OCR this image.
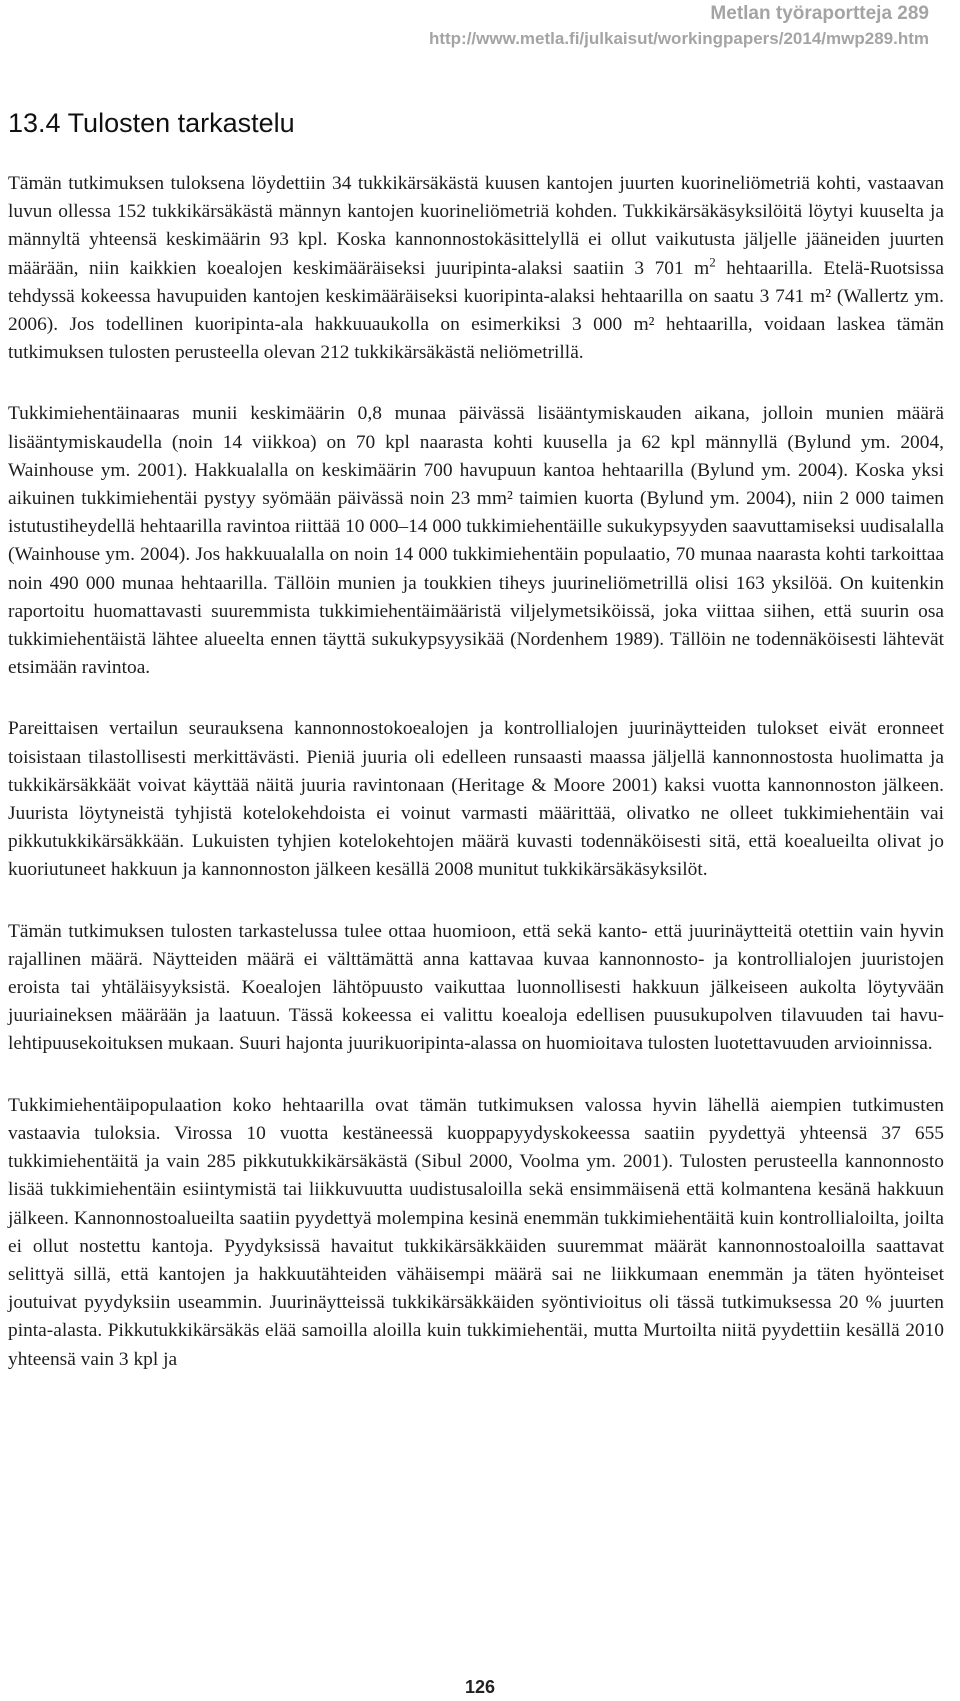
Metlan työraportteja 289
http://www.metla.fi/julkaisut/workingpapers/2014/mwp289.htm
13.4 Tulosten tarkastelu

Tämän tutkimuksen tuloksena löydettiin 34 tukkikärsäkästä kuusen kantojen juurten kuorineliömetriä kohti, vastaavan luvun ollessa 152 tukkikärsäkästä männyn kantojen kuorineliömetriä kohden. Tukkikärsäkäsyksilöitä löytyi kuuselta ja männyltä yhteensä keskimäärin 93 kpl. Koska kannonnostokäsittelyllä ei ollut vaikutusta jäljelle jääneiden juurten määrään, niin kaikkien koealojen keskimääräiseksi juuripinta-alaksi saatiin 3 701 $m^2$ hehtaarilla. Etelä-Ruotsissa tehdyssä kokeessa havupuiden kantojen keskimääräiseksi kuoripinta-alaksi hehtaarilla on saatu 3 741 m² (Wallertz ym. 2006). Jos todellinen kuoripinta-ala hakkuuaukolla on esimerkiksi 3 000 m² hehtaarilla, voidaan laskea tämän tutkimuksen tulosten perusteella olevan 212 tukkikärsäkästä neliömetrillä.

Tukkimiehentäinaaras munii keskimäärin 0,8 munaa päivässä lisääntymiskauden aikana, jolloin munien määrä lisääntymiskaudella (noin 14 viikkoa) on 70 kpl naarasta kohti kuusella ja 62 kpl männyllä (Bylund ym. 2004, Wainhouse ym. 2001). Hakkualalla on keskimäärin 700 havupuun kantoa hehtaarilla (Bylund ym. 2004). Koska yksi aikuinen tukkimiehentäi pystyy syömään päivässä noin 23 mm² taimien kuorta (Bylund ym. 2004), niin 2 000 taimen istutustiheydellä hehtaarilla ravintoa riittää 10 000–14 000 tukkimiehentäille sukukypsyyden saavuttamiseksi uudisalalla (Wainhouse ym. 2004). Jos hakkuualalla on noin 14 000 tukkimiehentäin populaatio, 70 munaa naarasta kohti tarkoittaa noin 490 000 munaa hehtaarilla. Tällöin munien ja toukkien tiheys juurineliömetrillä olisi 163 yksilöä. On kuitenkin raportoitu huomattavasti suuremmista tukkimiehentäimääristä viljelymetsiköissä, joka viittaa siihen, että suurin osa tukkimiehentäistä lähtee alueelta ennen täyttä sukukypsyysikää (Nordenhem 1989). Tällöin ne todennäköisesti lähtevät etsimään ravintoa.

Pareittaisen vertailun seurauksena kannonnostokoealojen ja kontrollialojen juurinäytteiden tulokset eivät eronneet toisistaan tilastollisesti merkittävästi. Pieniä juuria oli edelleen runsaasti maassa jäljellä kannonnostosta huolimatta ja tukkikärsäkkäät voivat käyttää näitä juuria ravintonaan (Heritage & Moore 2001) kaksi vuotta kannonnoston jälkeen. Juurista löytyneistä tyhjistä kotelokehdoista ei voinut varmasti määrittää, olivatko ne olleet tukkimiehentäin vai pikkutukkikärsäkkään. Lukuisten tyhjien kotelokehtojen määrä kuvasti todennäköisesti sitä, että koealueilta olivat jo kuoriutuneet hakkuun ja kannonnoston jälkeen kesällä 2008 munitut tukkikärsäkäsyksilöt.

Tämän tutkimuksen tulosten tarkastelussa tulee ottaa huomioon, että sekä kanto- että juurinäytteitä otettiin vain hyvin rajallinen määrä. Näytteiden määrä ei välttämättä anna kattavaa kuvaa kannonnosto- ja kontrollialojen juuristojen eroista tai yhtäläisyyksistä. Koealojen lähtöpuusto vaikuttaa luonnollisesti hakkuun jälkeiseen aukolta löytyvään juuriaineksen määrään ja laatuun. Tässä kokeessa ei valittu koealoja edellisen puusukupolven tilavuuden tai havu-lehtipuusekoituksen mukaan. Suuri hajonta juurikuoripinta-alassa on huomioitava tulosten luotettavuuden arvioinnissa.

Tukkimiehentäipopulaation koko hehtaarilla ovat tämän tutkimuksen valossa hyvin lähellä aiempien tutkimusten vastaavia tuloksia. Virossa 10 vuotta kestäneessä kuoppapyydyskokeessa saatiin pyydettyä yhteensä 37 655 tukkimiehentäitä ja vain 285 pikkutukkikärsäkästä (Sibul 2000, Voolma ym. 2001). Tulosten perusteella kannonnosto lisää tukkimiehentäin esiintymistä tai liikkuvuutta uudistusaloilla sekä ensimmäisenä että kolmantena kesänä hakkuun jälkeen. Kannonnostoalueilta saatiin pyydettyä molempina kesinä enemmän tukkimiehentäitä kuin kontrollialoilta, joilta ei ollut nostettu kantoja. Pyydyksissä havaitut tukkikärsäkkäiden suuremmat määrät kannonnostoaloilla saattavat selittyä sillä, että kantojen ja hakkuutähteiden vähäisempi määrä sai ne liikkumaan enemmän ja täten hyönteiset joutuivat pyydyksiin useammin. Juurinäytteissä tukkikärsäkkäiden syöntivioitus oli tässä tutkimuksessa 20 % juurten pinta-alasta. Pikkutukkikärsäkäs elää samoilla aloilla kuin tukkimiehentäi, mutta Murtoilta niitä pyydettiin kesällä 2010 yhteensä vain 3 kpl ja

126
